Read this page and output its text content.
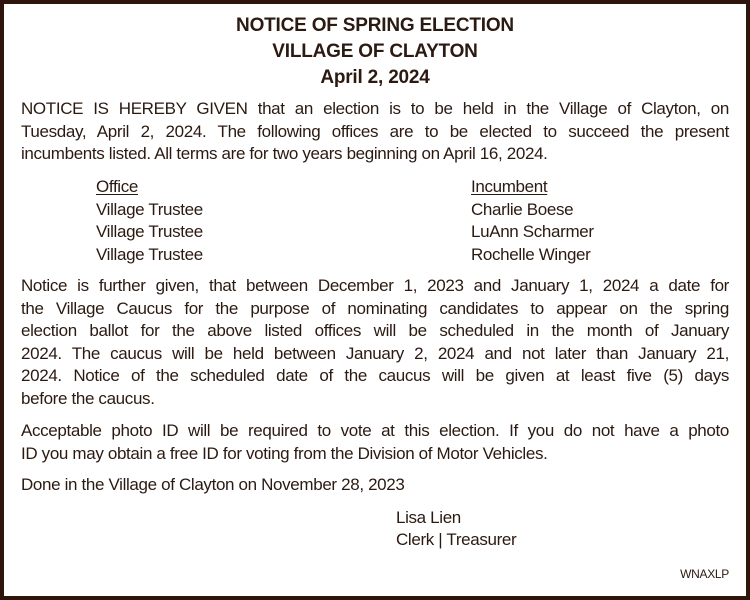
NOTICE OF SPRING ELECTION
VILLAGE OF CLAYTON
April 2, 2024
NOTICE IS HEREBY GIVEN that an election is to be held in the Village of Clayton, on
Tuesday, April 2, 2024. The following offices are to be elected to succeed the present
incumbents listed. All terms are for two years beginning on April 16, 2024.
Office	Incumbent
Village Trustee	Charlie Boese
Village Trustee	LuAnn Scharmer
Village Trustee	Rochelle Winger
Notice is further given, that between December 1, 2023 and January 1, 2024 a date for
the Village Caucus for the purpose of nominating candidates to appear on the spring
election ballot for the above listed offices will be scheduled in the month of January
2024. The caucus will be held between January 2, 2024 and not later than January 21,
2024. Notice of the scheduled date of the caucus will be given at least five (5) days
before the caucus.
Acceptable photo ID will be required to vote at this election. If you do not have a photo
ID you may obtain a free ID for voting from the Division of Motor Vehicles.
Done in the Village of Clayton on November 28, 2023
Lisa Lien
Clerk | Treasurer
WNAXLP
